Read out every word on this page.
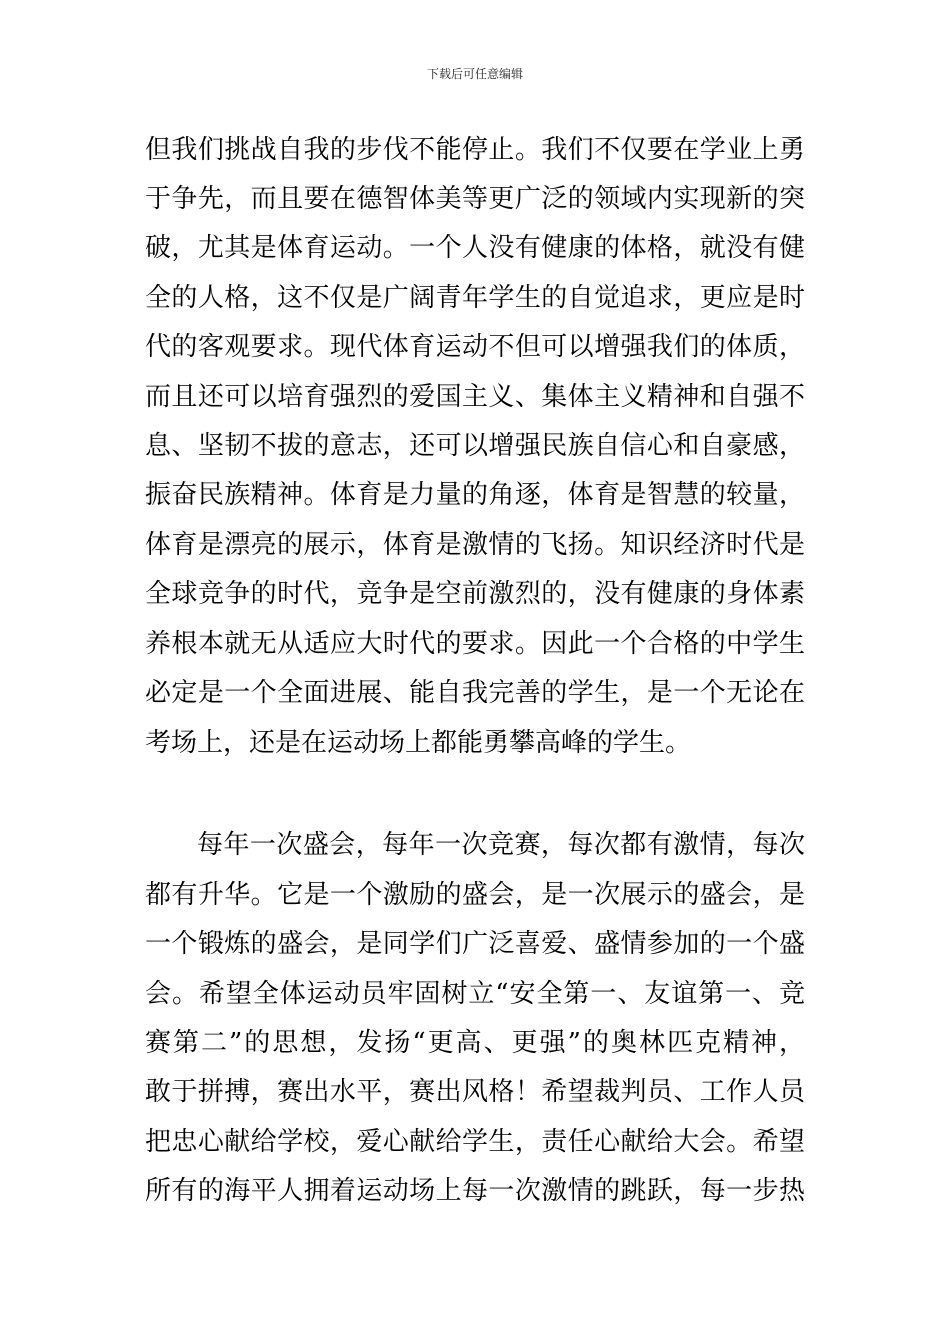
下载后可任意编辑
但我们挑战自我的步伐不能停止。我们不仅要在学业上勇
于争先，而且要在德智体美等更广泛的领域内实现新的突
破，尤其是体育运动。一个人没有健康的体格，就没有健
全的人格，这不仅是广阔青年学生的自觉追求，更应是时
代的客观要求。现代体育运动不但可以增强我们的体质，
而且还可以培育强烈的爱国主义、集体主义精神和自强不
息、坚韧不拔的意志，还可以增强民族自信心和自豪感，
振奋民族精神。体育是力量的角逐，体育是智慧的较量，
体育是漂亮的展示，体育是激情的飞扬。知识经济时代是
全球竞争的时代，竞争是空前激烈的，没有健康的身体素
养根本就无从适应大时代的要求。因此一个合格的中学生
必定是一个全面进展、能自我完善的学生，是一个无论在
考场上，还是在运动场上都能勇攀高峰的学生。
每年一次盛会，每年一次竞赛，每次都有激情，每次
都有升华。它是一个激励的盛会，是一次展示的盛会，是
一个锻炼的盛会，是同学们广泛喜爱、盛情参加的一个盛
会。希望全体运动员牢固树立“安全第一、友谊第一、竞
赛第二”的思想，发扬“更高、更强”的奥林匹克精神，
敢于拼搏，赛出水平，赛出风格！希望裁判员、工作人员
把忠心献给学校，爱心献给学生，责任心献给大会。希望
所有的海平人拥着运动场上每一次激情的跳跃，每一步热
